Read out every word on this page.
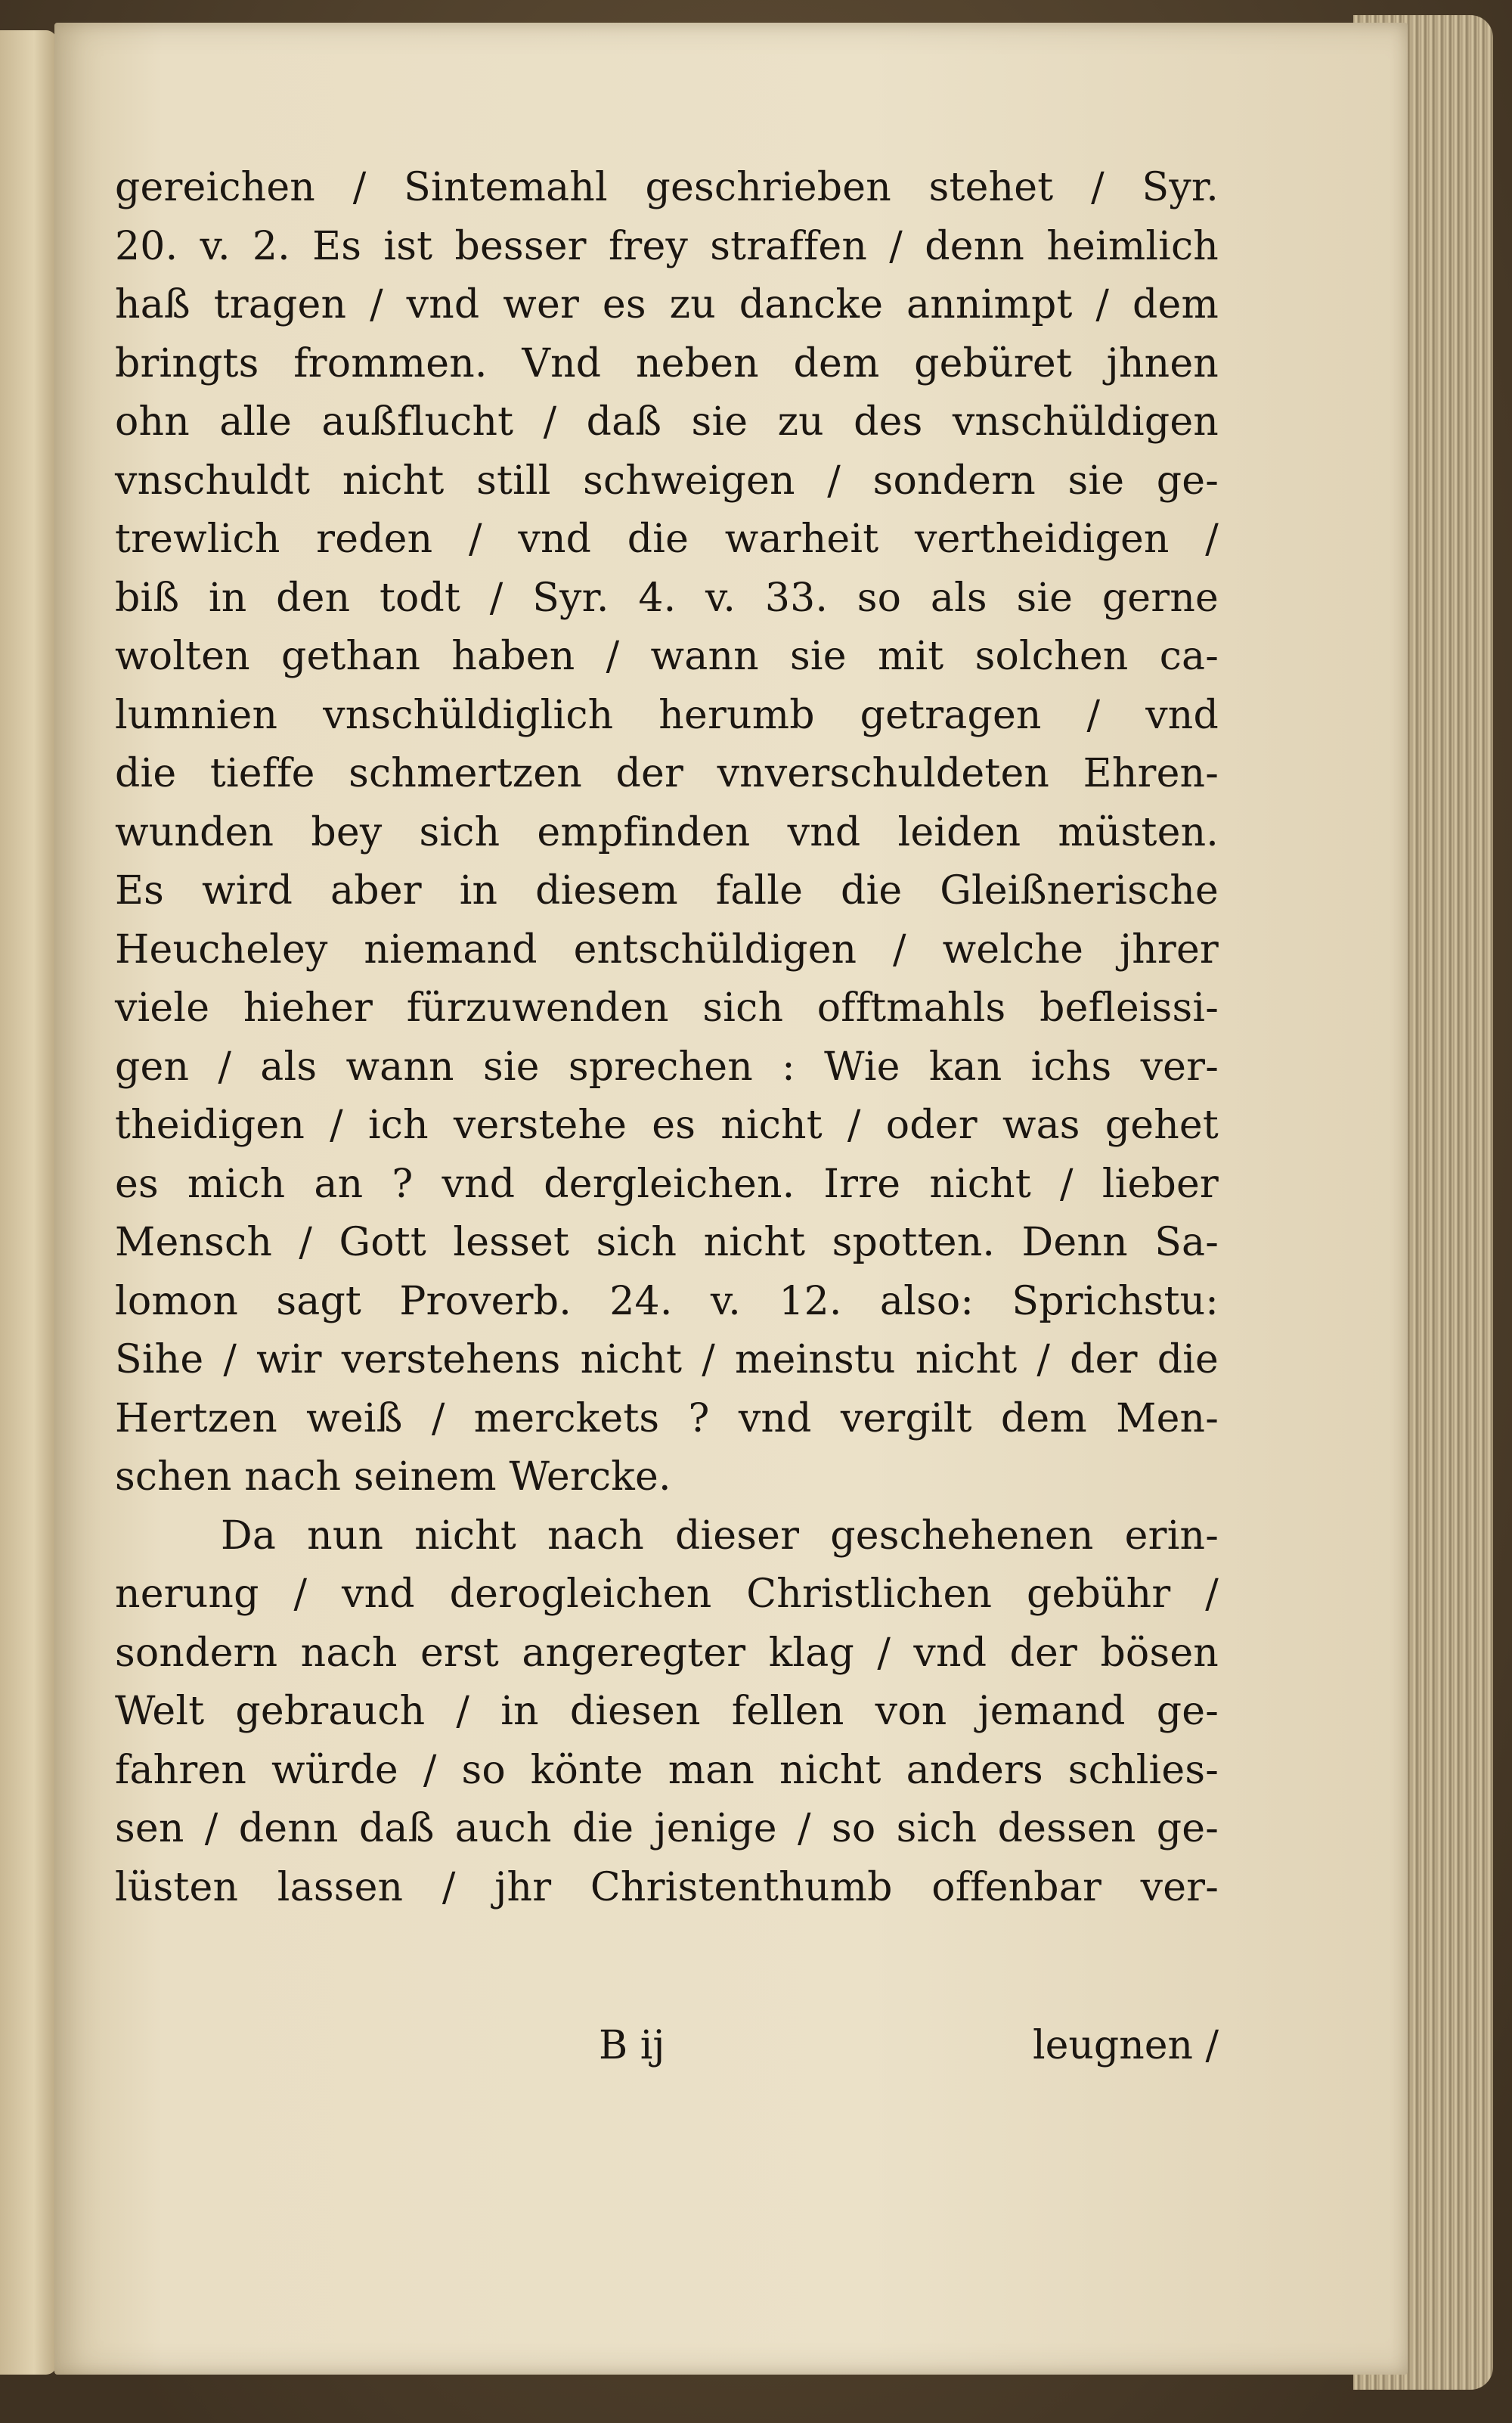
gereichen / Sintemahl geschrieben stehet / Syr.
20. v. 2. Es ist besser frey straffen / denn heimlich
haß tragen / vnd wer es zu dancke annimpt / dem
bringts frommen. Vnd neben dem gebüret jhnen
ohn alle außflucht / daß sie zu des vnschüldigen
vnschuldt nicht still schweigen / sondern sie ge-
trewlich reden / vnd die warheit vertheidigen /
biß in den todt / Syr. 4. v. 33. so als sie gerne
wolten gethan haben / wann sie mit solchen ca-
lumnien vnschüldiglich herumb getragen / vnd
die tieffe schmertzen der vnverschuldeten Ehren-
wunden bey sich empfinden vnd leiden müsten.
Es wird aber in diesem falle die Gleißnerische
Heucheley niemand entschüldigen / welche jhrer
viele hieher fürzuwenden sich offtmahls befleissi-
gen / als wann sie sprechen : Wie kan ichs ver-
theidigen / ich verstehe es nicht / oder was gehet
es mich an ? vnd dergleichen. Irre nicht / lieber
Mensch / Gott lesset sich nicht spotten. Denn Sa-
lomon sagt Proverb. 24. v. 12. also: Sprichstu:
Sihe / wir verstehens nicht / meinstu nicht / der die
Hertzen weiß / merckets ? vnd vergilt dem Men-
schen nach seinem Wercke.
Da nun nicht nach dieser geschehenen erin-
nerung / vnd derogleichen Christlichen gebühr /
sondern nach erst angeregter klag / vnd der bösen
Welt gebrauch / in diesen fellen von jemand ge-
fahren würde / so könte man nicht anders schlies-
sen / denn daß auch die jenige / so sich dessen ge-
lüsten lassen / jhr Christenthumb offenbar ver-
B ij	leugnen /
